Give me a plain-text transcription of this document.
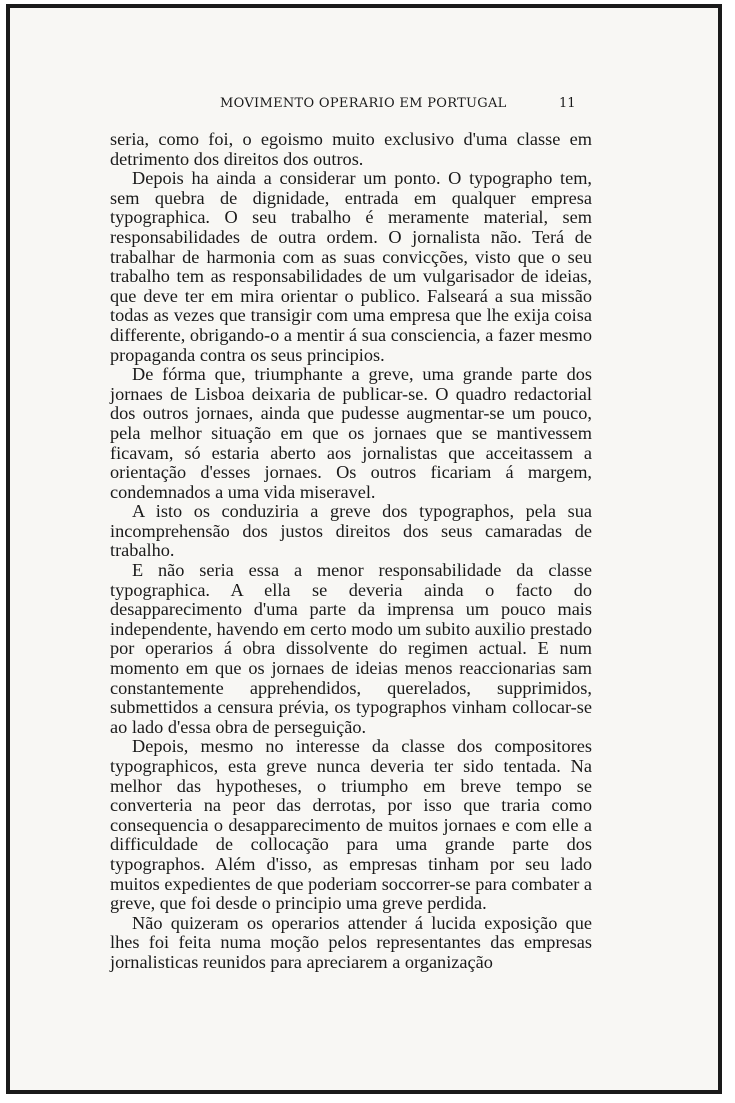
MOVIMENTO OPERARIO EM PORTUGAL	11

seria, como foi, o egoismo muito exclusivo d'uma classe em detrimento dos direitos dos outros.

Depois ha ainda a considerar um ponto. O typographo tem, sem quebra de dignidade, entrada em qualquer empresa typographica. O seu trabalho é meramente material, sem responsabilidades de outra ordem. O jornalista não. Terá de trabalhar de harmonia com as suas convicções, visto que o seu trabalho tem as responsabilidades de um vulgarisador de ideias, que deve ter em mira orientar o publico. Falseará a sua missão todas as vezes que transigir com uma empresa que lhe exija coisa differente, obrigando-o a mentir á sua consciencia, a fazer mesmo propaganda contra os seus principios.

De fórma que, triumphante a greve, uma grande parte dos jornaes de Lisboa deixaria de publicar-se. O quadro redactorial dos outros jornaes, ainda que pudesse augmentar-se um pouco, pela melhor situação em que os jornaes que se mantivessem ficavam, só estaria aberto aos jornalistas que acceitassem a orientação d'esses jornaes. Os outros ficariam á margem, condemnados a uma vida miseravel.

A isto os conduziria a greve dos typographos, pela sua incomprehensão dos justos direitos dos seus camaradas de trabalho.

E não seria essa a menor responsabilidade da classe typographica. A ella se deveria ainda o facto do desapparecimento d'uma parte da imprensa um pouco mais independente, havendo em certo modo um subito auxilio prestado por operarios á obra dissolvente do regimen actual. E num momento em que os jornaes de ideias menos reaccionarias sam constantemente apprehendidos, querelados, supprimidos, submettidos a censura prévia, os typographos vinham collocar-se ao lado d'essa obra de perseguição.

Depois, mesmo no interesse da classe dos compositores typographicos, esta greve nunca deveria ter sido tentada. Na melhor das hypotheses, o triumpho em breve tempo se converteria na peor das derrotas, por isso que traria como consequencia o desapparecimento de muitos jornaes e com elle a difficuldade de collocação para uma grande parte dos typographos. Além d'isso, as empresas tinham por seu lado muitos expedientes de que poderiam soccorrer-se para combater a greve, que foi desde o principio uma greve perdida.

Não quizeram os operarios attender á lucida exposição que lhes foi feita numa moção pelos representantes das empresas jornalisticas reunidos para apreciarem a organização
